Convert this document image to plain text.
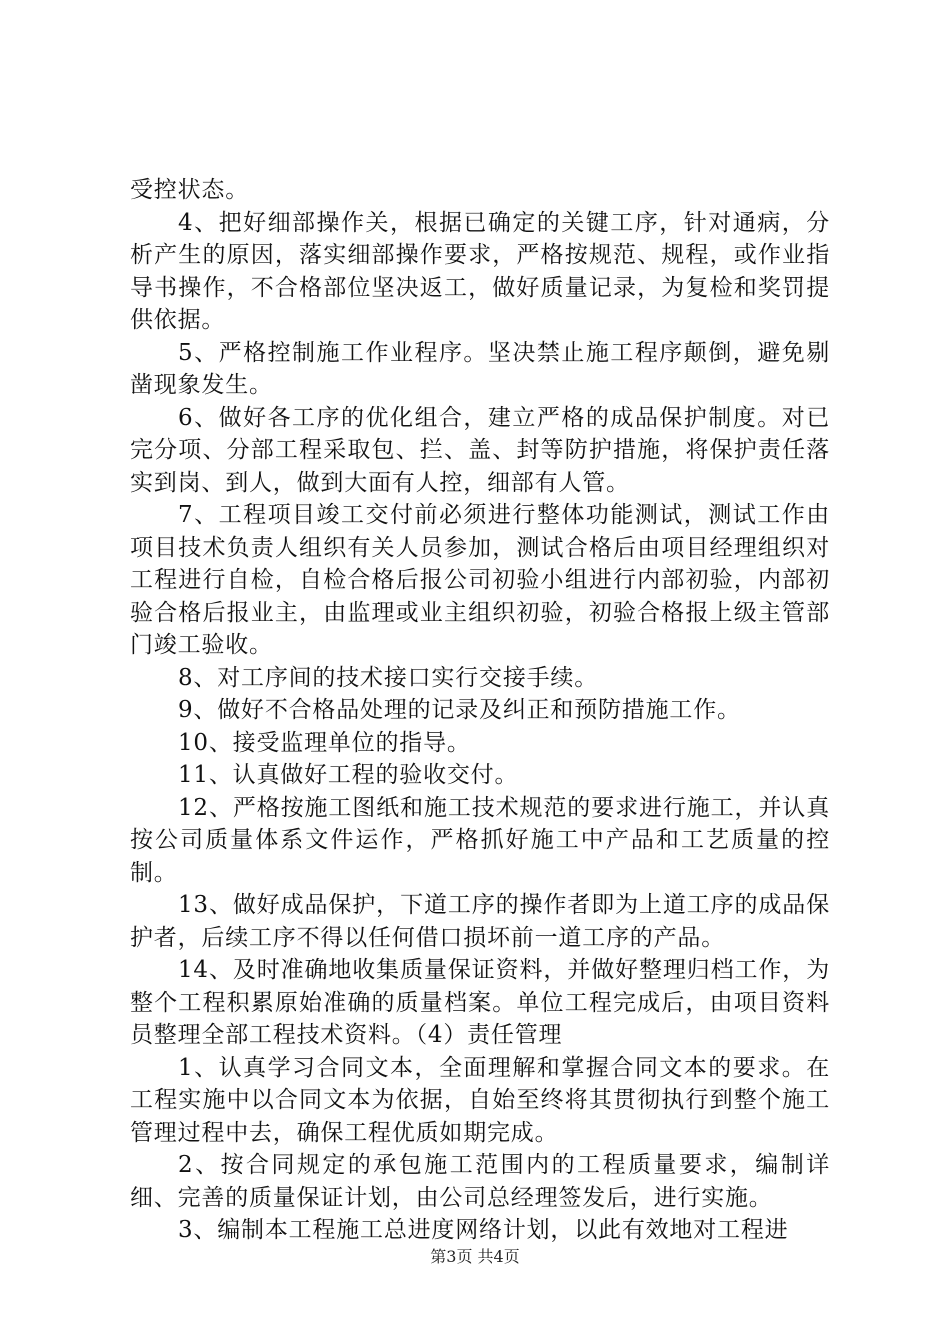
受控状态。

4、把好细部操作关，根据已确定的关键工序，针对通病，分析产生的原因，落实细部操作要求，严格按规范、规程，或作业指导书操作，不合格部位坚决返工，做好质量记录，为复检和奖罚提供依据。

5、严格控制施工作业程序。坚决禁止施工程序颠倒，避免剔凿现象发生。

6、做好各工序的优化组合，建立严格的成品保护制度。对已完分项、分部工程采取包、拦、盖、封等防护措施，将保护责任落实到岗、到人，做到大面有人控，细部有人管。

7、工程项目竣工交付前必须进行整体功能测试，测试工作由项目技术负责人组织有关人员参加，测试合格后由项目经理组织对工程进行自检，自检合格后报公司初验小组进行内部初验，内部初验合格后报业主，由监理或业主组织初验，初验合格报上级主管部门竣工验收。

8、对工序间的技术接口实行交接手续。

9、做好不合格品处理的记录及纠正和预防措施工作。

10、接受监理单位的指导。

11、认真做好工程的验收交付。

12、严格按施工图纸和施工技术规范的要求进行施工，并认真按公司质量体系文件运作，严格抓好施工中产品和工艺质量的控制。

13、做好成品保护，下道工序的操作者即为上道工序的成品保护者，后续工序不得以任何借口损坏前一道工序的产品。

14、及时准确地收集质量保证资料，并做好整理归档工作，为整个工程积累原始准确的质量档案。单位工程完成后，由项目资料员整理全部工程技术资料。（4）责任管理

1、认真学习合同文本，全面理解和掌握合同文本的要求。在工程实施中以合同文本为依据，自始至终将其贯彻执行到整个施工管理过程中去，确保工程优质如期完成。

2、按合同规定的承包施工范围内的工程质量要求，编制详细、完善的质量保证计划，由公司总经理签发后，进行实施。

3、编制本工程施工总进度网络计划，以此有效地对工程进

第3页 共4页
